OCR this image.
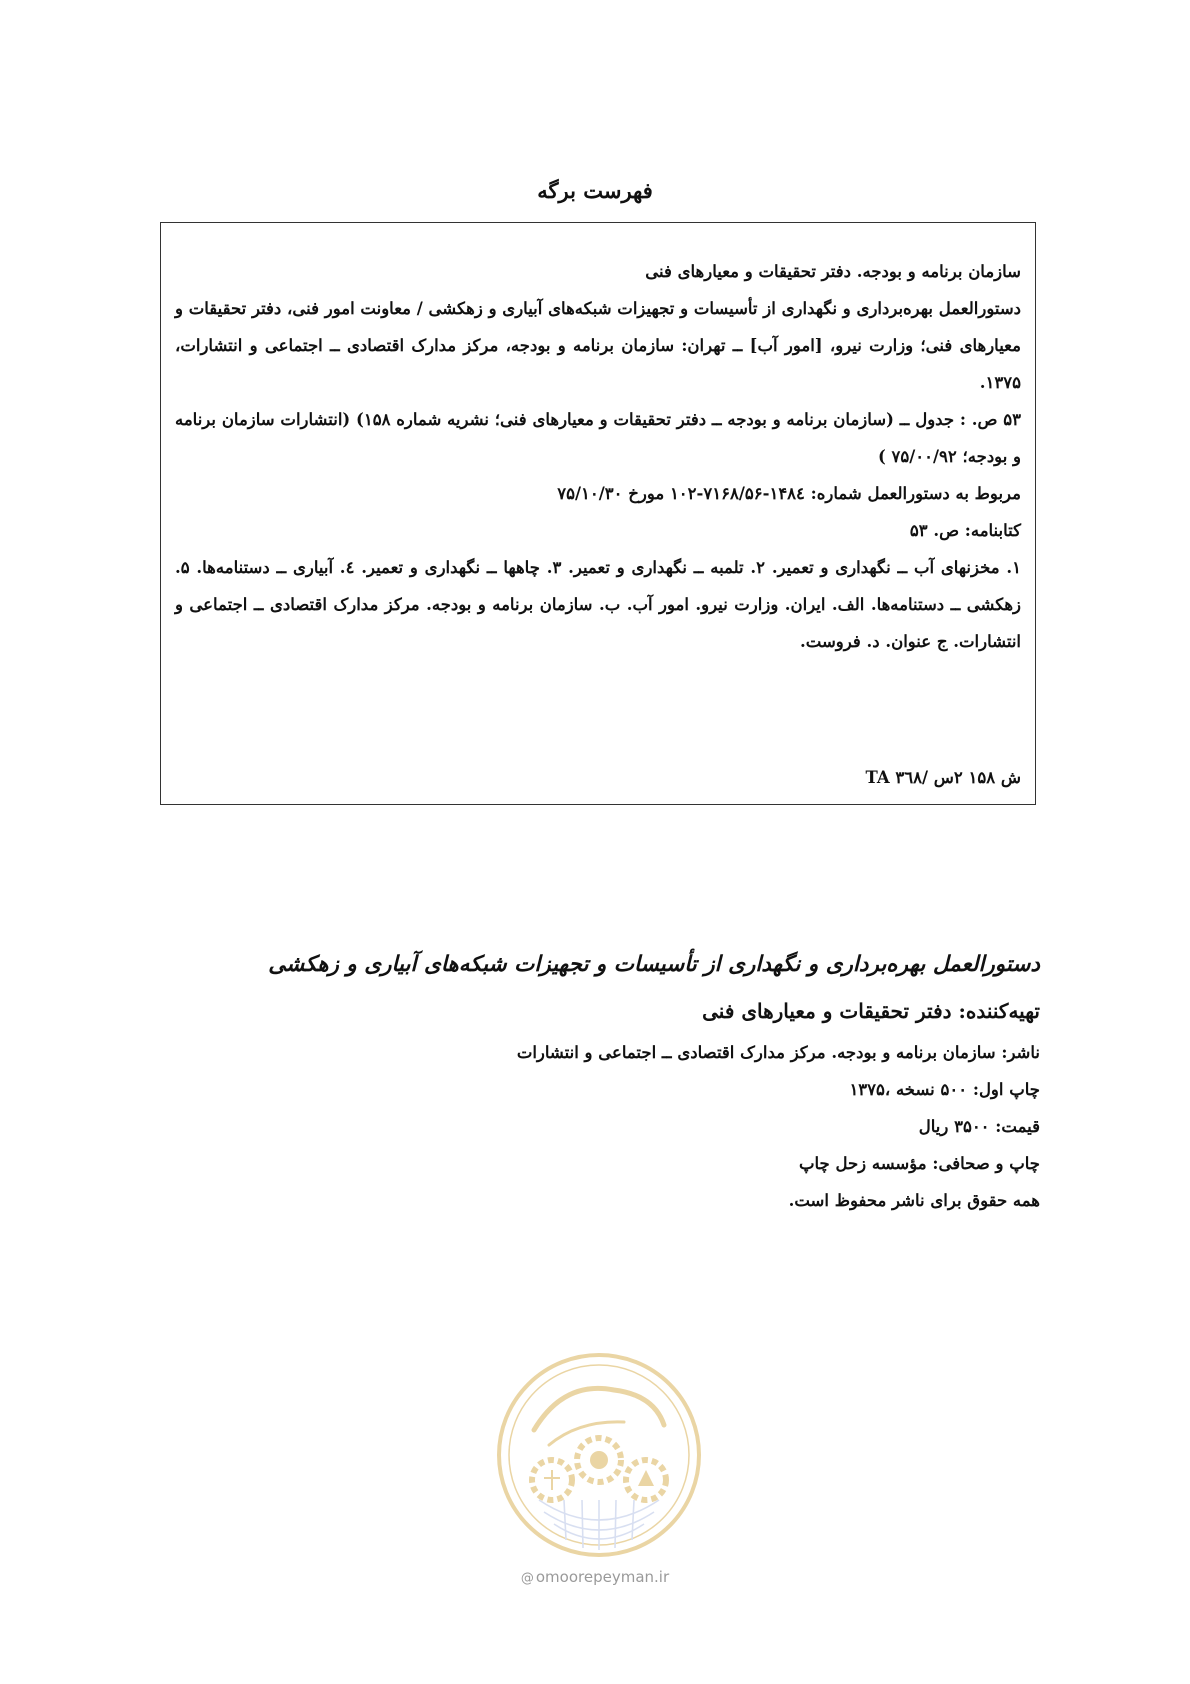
فهرست برگه

سازمان برنامه و بودجه. دفتر تحقیقات و معیارهای فنی

دستورالعمل بهره‌برداری و نگهداری از تأسیسات و تجهیزات شبکه‌های آبیاری و زهکشی / معاونت امور فنی، دفتر تحقیقات و معیارهای فنی؛ وزارت نیرو، [امور آب] ــ تهران: سازمان برنامه و بودجه، مرکز مدارک اقتصادی ــ اجتماعی و انتشارات، ۱۳۷۵.

۵۳ ص. : جدول ــ (سازمان برنامه و بودجه ــ دفتر تحقیقات و معیارهای فنی؛ نشریه شماره ۱۵۸) (انتشارات سازمان برنامه و بودجه؛ ۷۵/۰۰/۹۲ )

مربوط به دستورالعمل شماره: ۱۴۸٤-۷۱۶۸/۵۶-۱۰۲ مورخ ۷۵/۱۰/۳۰

کتابنامه: ص. ۵۳

۱. مخزنهای آب ــ نگهداری و تعمیر. ۲. تلمبه ــ نگهداری و تعمیر. ۳. چاهها ــ نگهداری و تعمیر. ٤. آبیاری ــ دستنامه‌ها. ۵. زهکشی ــ دستنامه‌ها. الف. ایران. وزارت نیرو. امور آب. ب. سازمان برنامه و بودجه. مرکز مدارک اقتصادی ــ اجتماعی و انتشارات. ج عنوان. د. فروست.

ش ۱۵۸ ۲س /۳٦۸ TA
دستورالعمل بهره‌برداری و نگهداری از تأسیسات و تجهیزات شبکه‌های آبیاری و زهکشی
تهیه‌کننده: دفتر تحقیقات و معیارهای فنی
ناشر: سازمان برنامه و بودجه. مرکز مدارک اقتصادی ــ اجتماعی و انتشارات
چاپ اول: ۵۰۰ نسخه ،۱۳۷۵
قیمت: ۳۵۰۰ ریال
چاپ و صحافی: مؤسسه زحل چاپ
همه حقوق برای ناشر محفوظ است.
@ omoorepeyman.ir
